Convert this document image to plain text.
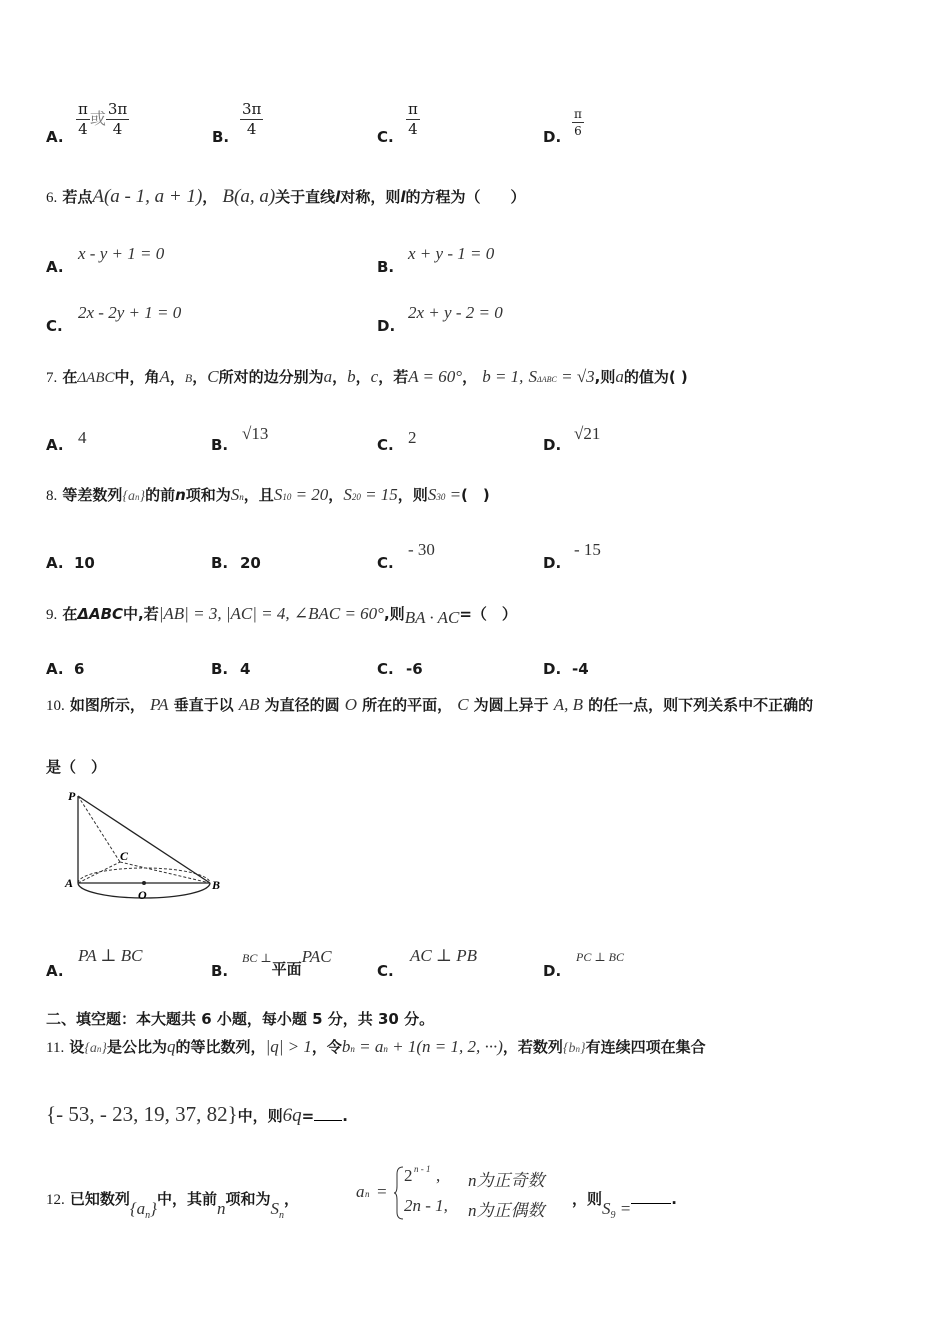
A. $\frac{\pi}{4}$ 或 $\frac{3\pi}{4}$	B. $\frac{3\pi}{4}$	C. $\frac{\pi}{4}$	D. $\frac{\pi}{6}$
6. 若点A(a - 1, a + 1)， B(a, a)关于直线l对称，则l的方程为（　　）
A.
x - y + 1 = 0
B.
x + y - 1 = 0
C.
2x - 2y + 1 = 0
D.
2x + y - 2 = 0
7. 在ΔABC中，角A，B，C所对的边分别为a，b，c，若A = 60°， b = 1, SΔABC = √3,则a的值为( )
A. 4	B.
√13
C. 2	D.
√21
8. 等差数列{an}的前n项和为Sn，且S10 = 20，S20 = 15，则S30 =(　)
A. 10	B. 20	C.
- 30
D.
- 15
9. 在ΔABC中,若|AB| = 3, |AC| = 4, ∠BAC = 60°,则BA · AC=（　）
A. 6	B. 4	C. -6	D. -4
10. 如图所示， PA 垂直于以 AB 为直径的圆 O 所在的平面， C 为圆上异于 A, B 的任一点，则下列关系中不正确的
是（　）
P
A	B
C
O
A.
PA ⊥ BC
B.
BC ⊥平面PAC
C.
AC ⊥ PB
D.
PC ⊥ BC
二、填空题：本大题共 6 小题，每小题 5 分，共 30 分。
11. 设{an}是公比为q的等比数列，|q| > 1，令bn = an + 1(n = 1, 2, ···)，若数列{bn}有连续四项在集合
{- 53, - 23, 19, 37, 82}中，则6q= .
12. 已知数列$\{a_n\}$中，其前n项和为$S_n$，	a n =
2 n - 1 , n为正奇数
2n - 1, n为正偶数
，则$S_9$ =	.
